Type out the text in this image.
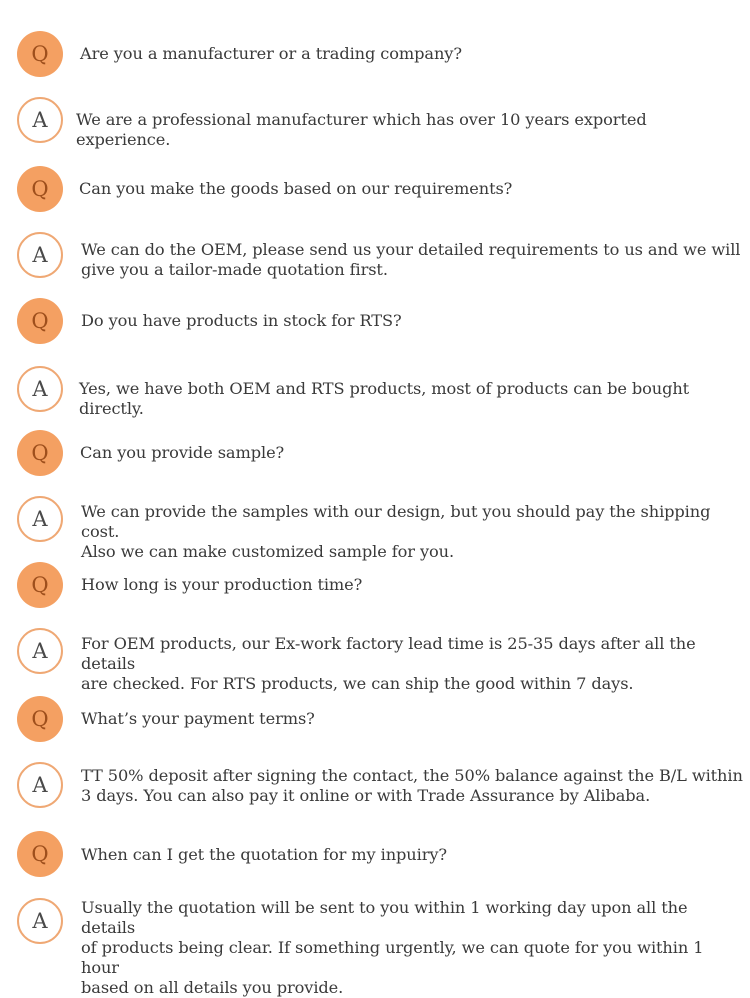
Q	Are you a manufacturer or a trading company?
A	We are a professional manufacturer which has over 10 years exported experience.
Q	Can you make the goods based on our requirements?
A	We can do the OEM, please send us your detailed requirements to us and we will
give you a tailor-made quotation first.
Q	Do you have products in stock for RTS?
A	Yes, we have both OEM and RTS products, most of products can be bought directly.
Q	Can you provide sample?
A	We can provide the samples with our design, but you should pay the shipping cost.
Also we can make customized sample for you.
Q	How long is your production time?
A	For OEM products, our Ex-work factory lead time is 25-35 days after all the details
are checked. For RTS products, we can ship the good within 7 days.
Q	What’s your payment terms?
A	TT 50% deposit after signing the contact, the 50% balance against the B/L within
3 days. You can also pay it online or with Trade Assurance by Alibaba.
Q	When can I get the quotation for my inpuiry?
A
Usually the quotation will be sent to you within 1 working day upon all the details
of products being clear. If something urgently, we can quote for you within 1 hour
based on all details you provide.
